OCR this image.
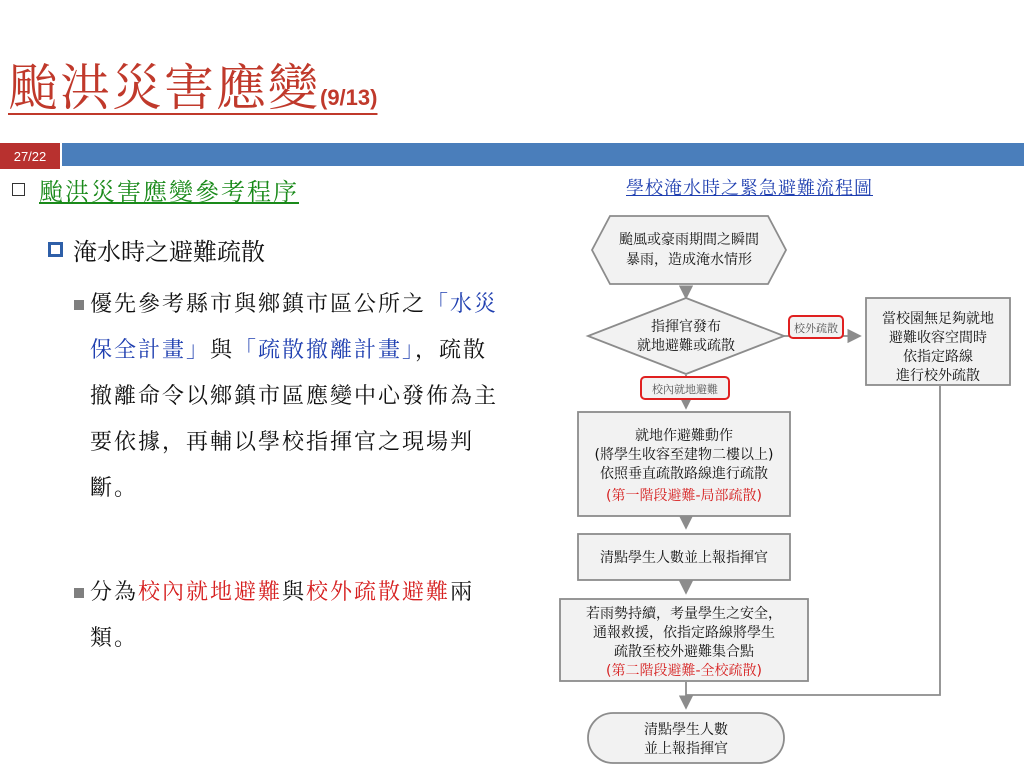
颱洪災害應變(9/13)
27/22
颱洪災害應變參考程序
淹水時之避難疏散
優先參考縣市與鄉鎮市區公所之「水災保全計畫」與「疏散撤離計畫」，疏散撤離命令以鄉鎮市區應變中心發佈為主要依據，再輔以學校指揮官之現場判斷。
分為校內就地避難與校外疏散避難兩類。
學校淹水時之緊急避難流程圖
颱風或豪雨期間之瞬間
暴雨，造成淹水情形
指揮官發布
就地避難或疏散
校外疏散
校內就地避難
當校園無足夠就地
避難收容空間時
依指定路線
進行校外疏散
就地作避難動作
(將學生收容至建物二樓以上)
依照垂直疏散路線進行疏散
(第一階段避難-局部疏散)
清點學生人數並上報指揮官
若雨勢持續，考量學生之安全，
通報救援，依指定路線將學生
疏散至校外避難集合點
(第二階段避難-全校疏散)
清點學生人數
並上報指揮官
